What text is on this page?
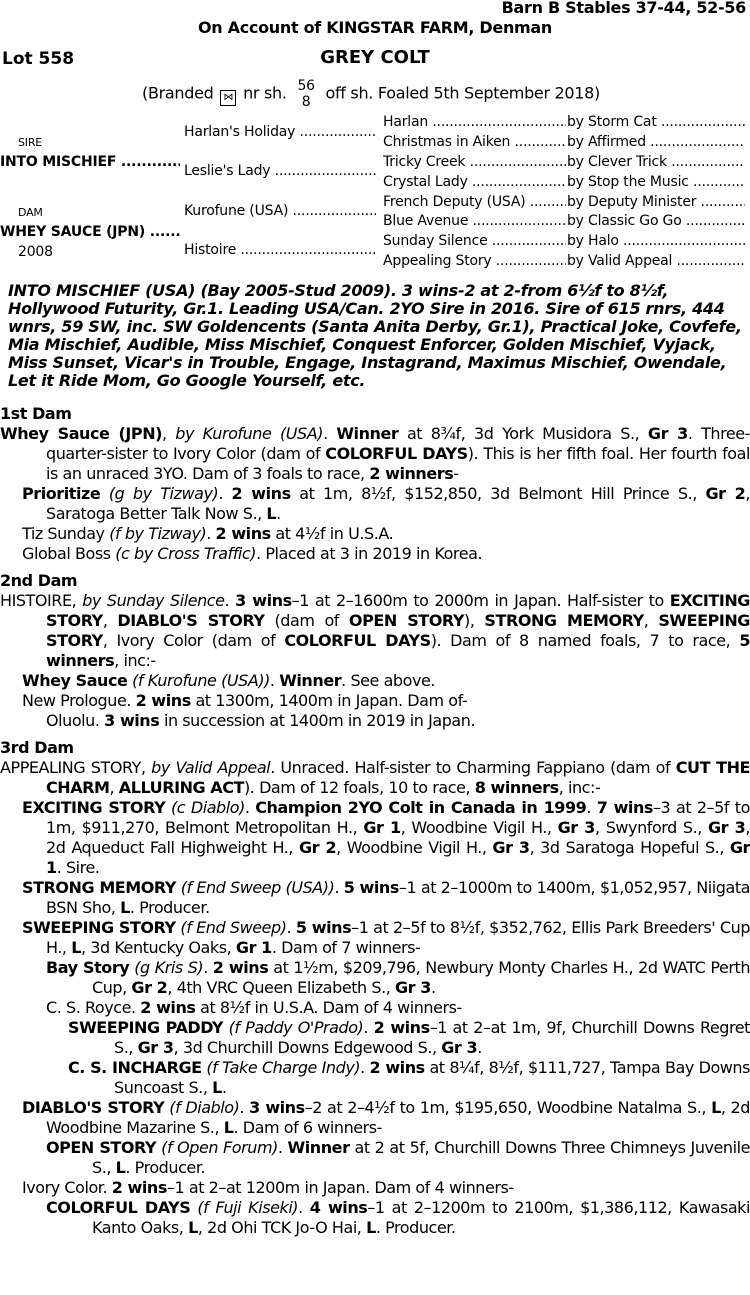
Barn B Stables 37-44, 52-56
On Account of KINGSTAR FARM, Denman
Lot 558	GREY COLT
(Branded ⋈ nr sh. 56
8 off sh. Foaled 5th September 2018)
SIRE
INTO MISCHIEF .....
DAM
WHEY SAUCE (JPN) .....
2008
Harlan's Holiday .....
Leslie's Lady .....
Kurofune (USA) .....
Histoire .....
Harlan .....
Christmas in Aiken .....
Tricky Creek .....
Crystal Lady .....
French Deputy (USA) .....
Blue Avenue .....
Sunday Silence .....
Appealing Story .....
by Storm Cat .....
by Affirmed .....
by Clever Trick .....
by Stop the Music .....
by Deputy Minister .....
by Classic Go Go .....
by Halo .....
by Valid Appeal .....
INTO MISCHIEF (USA) (Bay 2005-Stud 2009). 3 wins-2 at 2-from 6½f to 8½f, Hollywood Futurity, Gr.1. Leading USA/Can. 2YO Sire in 2016. Sire of 615 rnrs, 444 wnrs, 59 SW, inc. SW Goldencents (Santa Anita Derby, Gr.1), Practical Joke, Covfefe, Mia Mischief, Audible, Miss Mischief, Conquest Enforcer, Golden Mischief, Vyjack, Miss Sunset, Vicar's in Trouble, Engage, Instagrand, Maximus Mischief, Owendale, Let it Ride Mom, Go Google Yourself, etc.
1st Dam
Whey Sauce (JPN), by Kurofune (USA). Winner at 8¾f, 3d York Musidora S., Gr 3. Three-quarter-sister to Ivory Color (dam of COLORFUL DAYS). This is her fifth foal. Her fourth foal is an unraced 3YO. Dam of 3 foals to race, 2 winners-
Prioritize (g by Tizway). 2 wins at 1m, 8½f, $152,850, 3d Belmont Hill Prince S., Gr 2, Saratoga Better Talk Now S., L.
Tiz Sunday (f by Tizway). 2 wins at 4½f in U.S.A.
Global Boss (c by Cross Traffic). Placed at 3 in 2019 in Korea.
2nd Dam
HISTOIRE, by Sunday Silence. 3 wins–1 at 2–1600m to 2000m in Japan. Half-sister to EXCITING STORY, DIABLO'S STORY (dam of OPEN STORY), STRONG MEMORY, SWEEPING STORY, Ivory Color (dam of COLORFUL DAYS). Dam of 8 named foals, 7 to race, 5 winners, inc:-
Whey Sauce (f Kurofune (USA)). Winner. See above.
New Prologue. 2 wins at 1300m, 1400m in Japan. Dam of-
Oluolu. 3 wins in succession at 1400m in 2019 in Japan.
3rd Dam
APPEALING STORY, by Valid Appeal. Unraced. Half-sister to Charming Fappiano (dam of CUT THE CHARM, ALLURING ACT). Dam of 12 foals, 10 to race, 8 winners, inc:-
EXCITING STORY (c Diablo). Champion 2YO Colt in Canada in 1999. 7 wins–3 at 2–5f to 1m, $911,270, Belmont Metropolitan H., Gr 1, Woodbine Vigil H., Gr 3, Swynford S., Gr 3, 2d Aqueduct Fall Highweight H., Gr 2, Woodbine Vigil H., Gr 3, 3d Saratoga Hopeful S., Gr 1. Sire.
STRONG MEMORY (f End Sweep (USA)). 5 wins–1 at 2–1000m to 1400m, $1,052,957, Niigata BSN Sho, L. Producer.
SWEEPING STORY (f End Sweep). 5 wins–1 at 2–5f to 8½f, $352,762, Ellis Park Breeders' Cup H., L, 3d Kentucky Oaks, Gr 1. Dam of 7 winners-
Bay Story (g Kris S). 2 wins at 1½m, $209,796, Newbury Monty Charles H., 2d WATC Perth Cup, Gr 2, 4th VRC Queen Elizabeth S., Gr 3.
C. S. Royce. 2 wins at 8½f in U.S.A. Dam of 4 winners-
SWEEPING PADDY (f Paddy O'Prado). 2 wins–1 at 2–at 1m, 9f, Churchill Downs Regret S., Gr 3, 3d Churchill Downs Edgewood S., Gr 3.
C. S. INCHARGE (f Take Charge Indy). 2 wins at 8¼f, 8½f, $111,727, Tampa Bay Downs Suncoast S., L.
DIABLO'S STORY (f Diablo). 3 wins–2 at 2–4½f to 1m, $195,650, Woodbine Natalma S., L, 2d Woodbine Mazarine S., L. Dam of 6 winners-
OPEN STORY (f Open Forum). Winner at 2 at 5f, Churchill Downs Three Chimneys Juvenile S., L. Producer.
Ivory Color. 2 wins–1 at 2–at 1200m in Japan. Dam of 4 winners-
COLORFUL DAYS (f Fuji Kiseki). 4 wins–1 at 2–1200m to 2100m, $1,386,112, Kawasaki Kanto Oaks, L, 2d Ohi TCK Jo-O Hai, L. Producer.
